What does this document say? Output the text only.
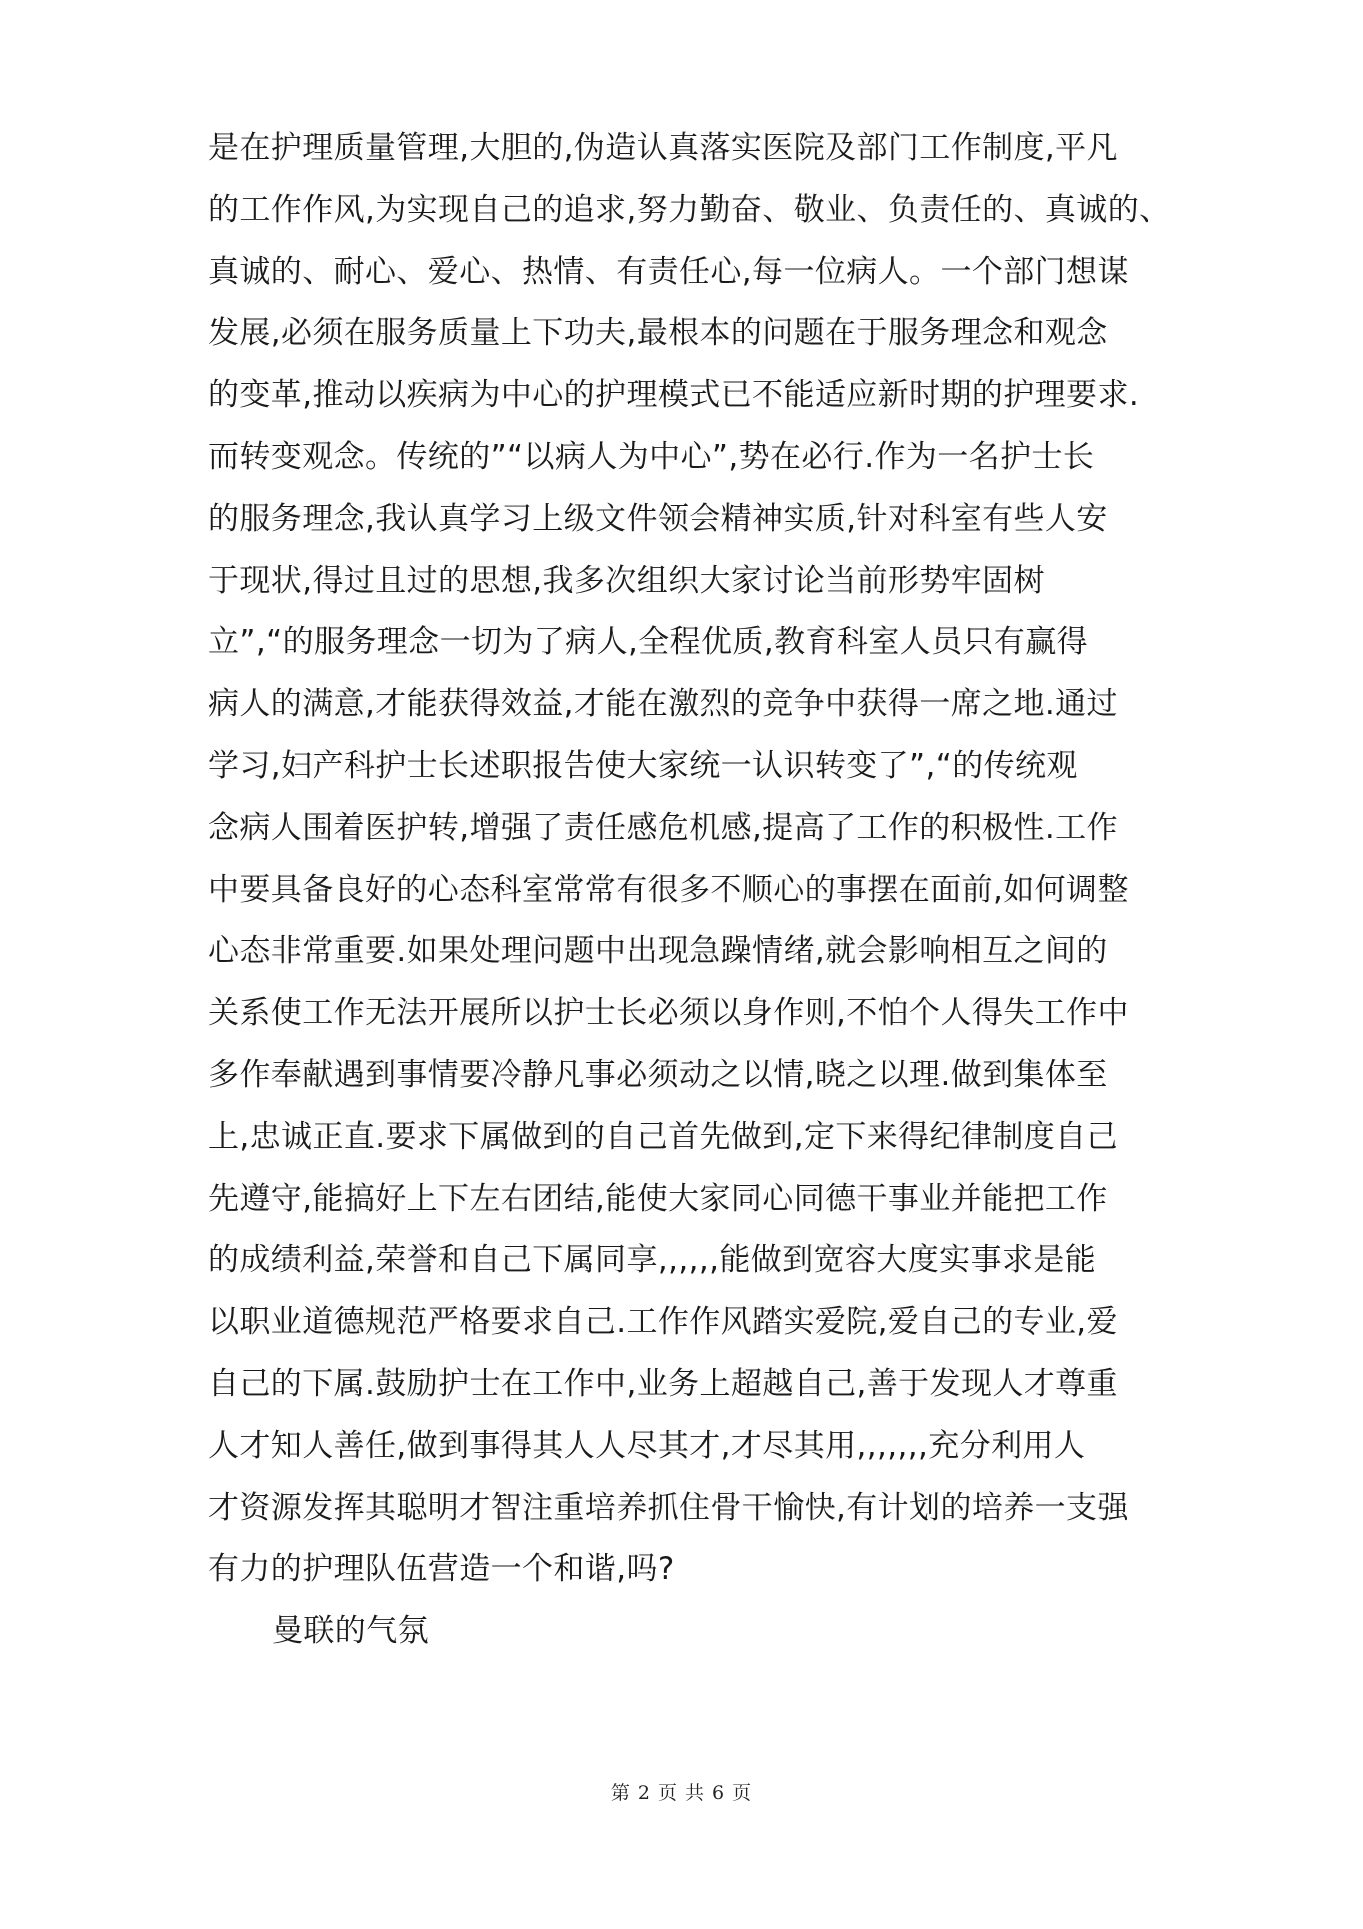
是在护理质量管理,大胆的,伪造认真落实医院及部门工作制度,平凡
的工作作风,为实现自己的追求,努力勤奋、敬业、负责任的、真诚的、
真诚的、耐心、爱心、热情、有责任心,每一位病人。一个部门想谋
发展,必须在服务质量上下功夫,最根本的问题在于服务理念和观念
的变革,推动以疾病为中心的护理模式已不能适应新时期的护理要求.
而转变观念。传统的”“以病人为中心”,势在必行.作为一名护士长
的服务理念,我认真学习上级文件领会精神实质,针对科室有些人安
于现状,得过且过的思想,我多次组织大家讨论当前形势牢固树
立”,“的服务理念一切为了病人,全程优质,教育科室人员只有赢得
病人的满意,才能获得效益,才能在激烈的竞争中获得一席之地.通过
学习,妇产科护士长述职报告使大家统一认识转变了”,“的传统观
念病人围着医护转,增强了责任感危机感,提高了工作的积极性.工作
中要具备良好的心态科室常常有很多不顺心的事摆在面前,如何调整
心态非常重要.如果处理问题中出现急躁情绪,就会影响相互之间的
关系使工作无法开展所以护士长必须以身作则,不怕个人得失工作中
多作奉献遇到事情要冷静凡事必须动之以情,晓之以理.做到集体至
上,忠诚正直.要求下属做到的自己首先做到,定下来得纪律制度自己
先遵守,能搞好上下左右团结,能使大家同心同德干事业并能把工作
的成绩利益,荣誉和自己下属同享,,,,,,能做到宽容大度实事求是能
以职业道德规范严格要求自己.工作作风踏实爱院,爱自己的专业,爱
自己的下属.鼓励护士在工作中,业务上超越自己,善于发现人才尊重
人才知人善任,做到事得其人人尽其才,才尽其用,,,,,,,充分利用人
才资源发挥其聪明才智注重培养抓住骨干愉快,有计划的培养一支强
有力的护理队伍营造一个和谐,吗?
曼联的气氛
第 2 页 共 6 页
